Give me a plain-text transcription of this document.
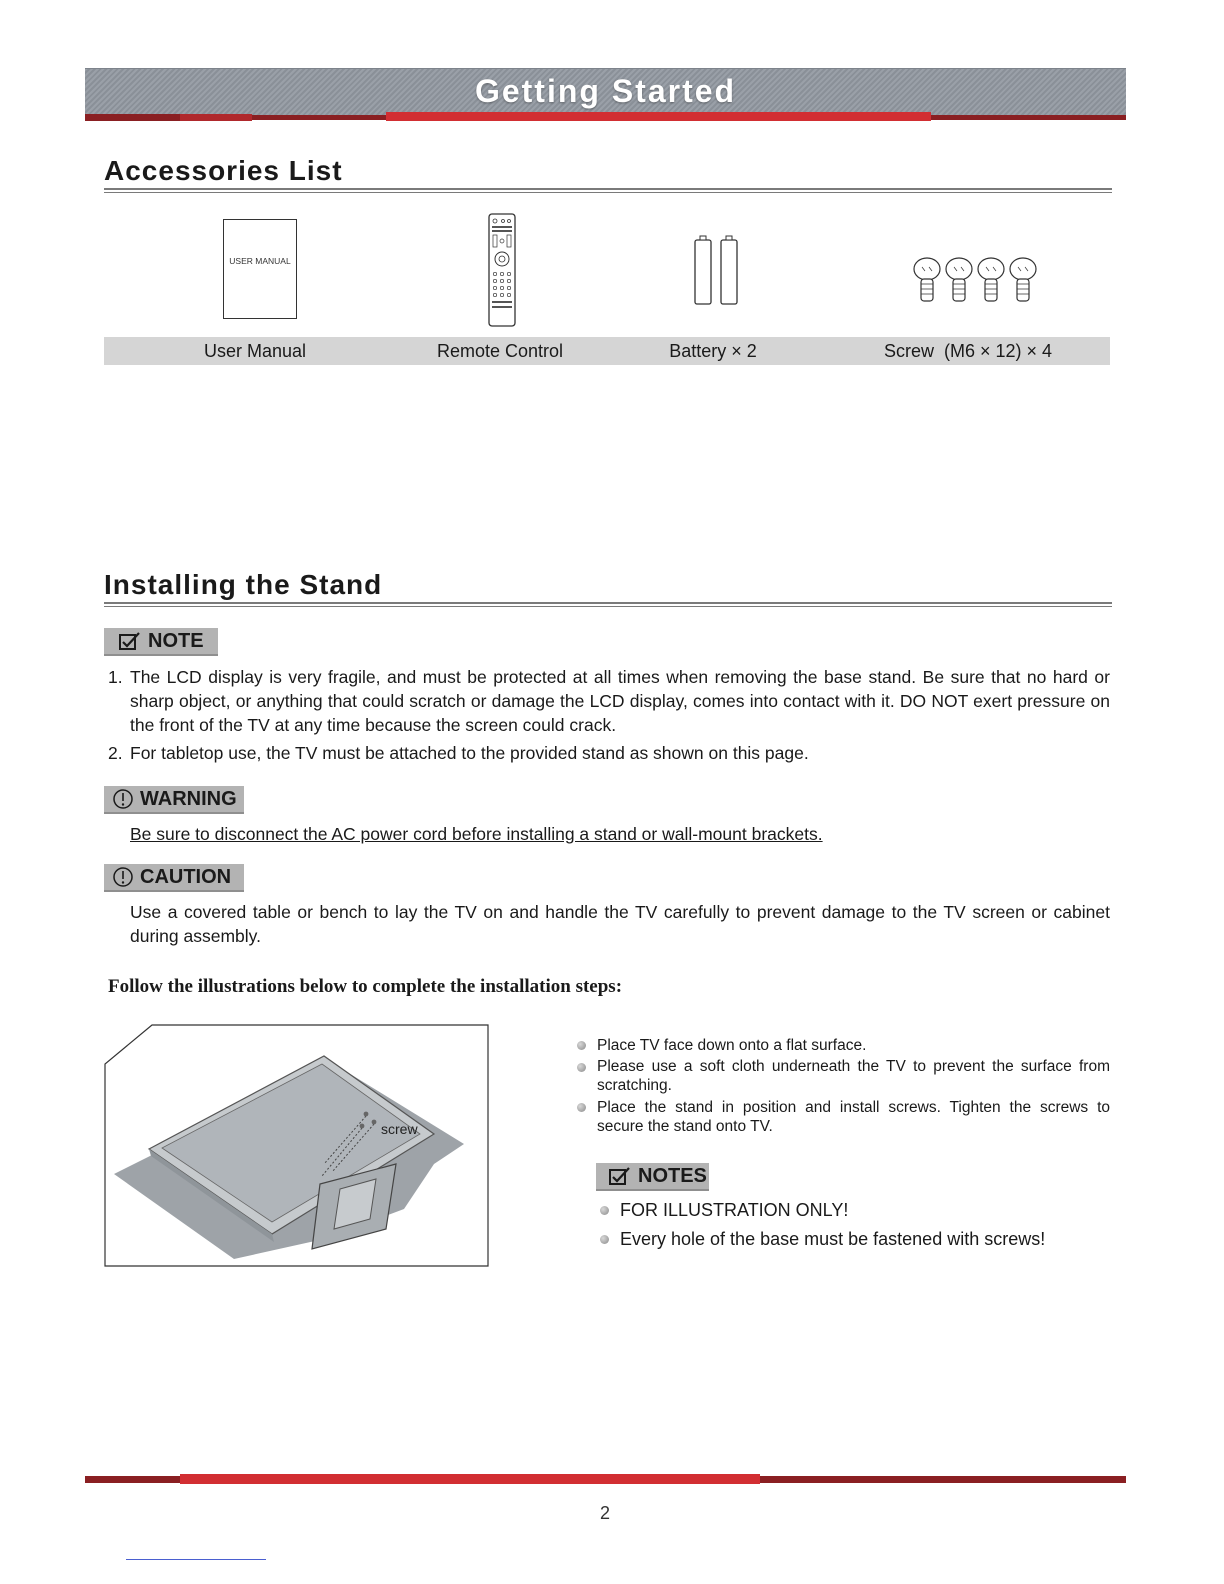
Getting Started
Accessories List
USER MANUAL
User Manual	Remote Control	Battery × 2	Screw  (M6 × 12) × 4
Installing the Stand
NOTE
1. The LCD display is very fragile, and must be protected at all times when removing the base stand. Be sure that no hard or sharp object, or anything that could scratch or damage the LCD display, comes into contact with it. DO NOT exert pressure on the front of the TV at any time because the screen could crack.
2. For tabletop use, the TV must be attached to the provided stand as shown on this page.
WARNING
Be sure to disconnect the AC power cord before installing a stand or wall-mount brackets.
CAUTION
Use a covered table or bench to lay the TV on and handle the TV carefully to prevent damage to the TV screen or cabinet during assembly.
Follow the illustrations below to complete the installation steps:
screw
Place TV face down onto a flat surface.
Please use a soft cloth underneath the TV to prevent the surface from scratching.
Place the stand in position and install screws. Tighten the screws to secure the stand onto TV.
NOTES
FOR ILLUSTRATION ONLY!
Every hole of the base must be fastened with screws!
2
